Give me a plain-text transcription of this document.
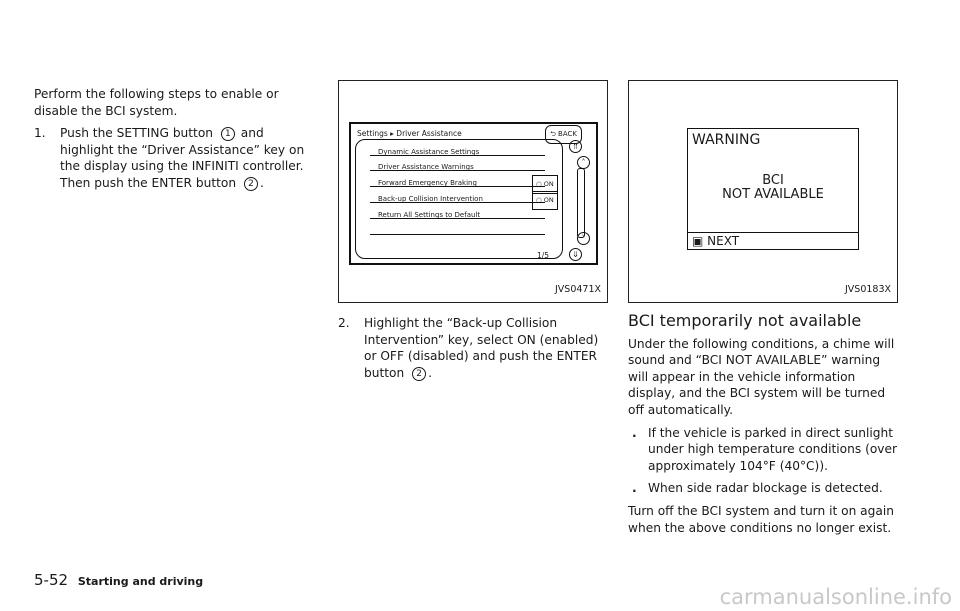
Perform the following steps to enable or disable the BCI system.

1. Push the SETTING button 1 and highlight the “Driver Assistance” key on the display using the INFINITI controller. Then push the ENTER button 2 .
Settings ▸ Driver Assistance	⮌ BACK
Dynamic Assistance Settings
Driver Assistance Warnings
Forward Emergency Braking
Back-up Collision Intervention
Return All Settings to Default
○ ON
○ ON
1/5
⇑
˄
˅
⇓
JVS0471X
2. Highlight the “Back-up Collision Intervention” key, select ON (enabled) or OFF (disabled) and push the ENTER button 2 .
WARNING
BCI
NOT AVAILABLE
▣ NEXT
JVS0183X
BCI temporarily not available

Under the following conditions, a chime will sound and “BCI NOT AVAILABLE” warning will appear in the vehicle information display, and the BCI system will be turned off automatically.

. If the vehicle is parked in direct sunlight under high temperature conditions (over approximately 104°F (40°C)).
. When side radar blockage is detected.

Turn off the BCI system and turn it on again when the above conditions no longer exist.

5-52 Starting and driving
carmanualsonline.info
